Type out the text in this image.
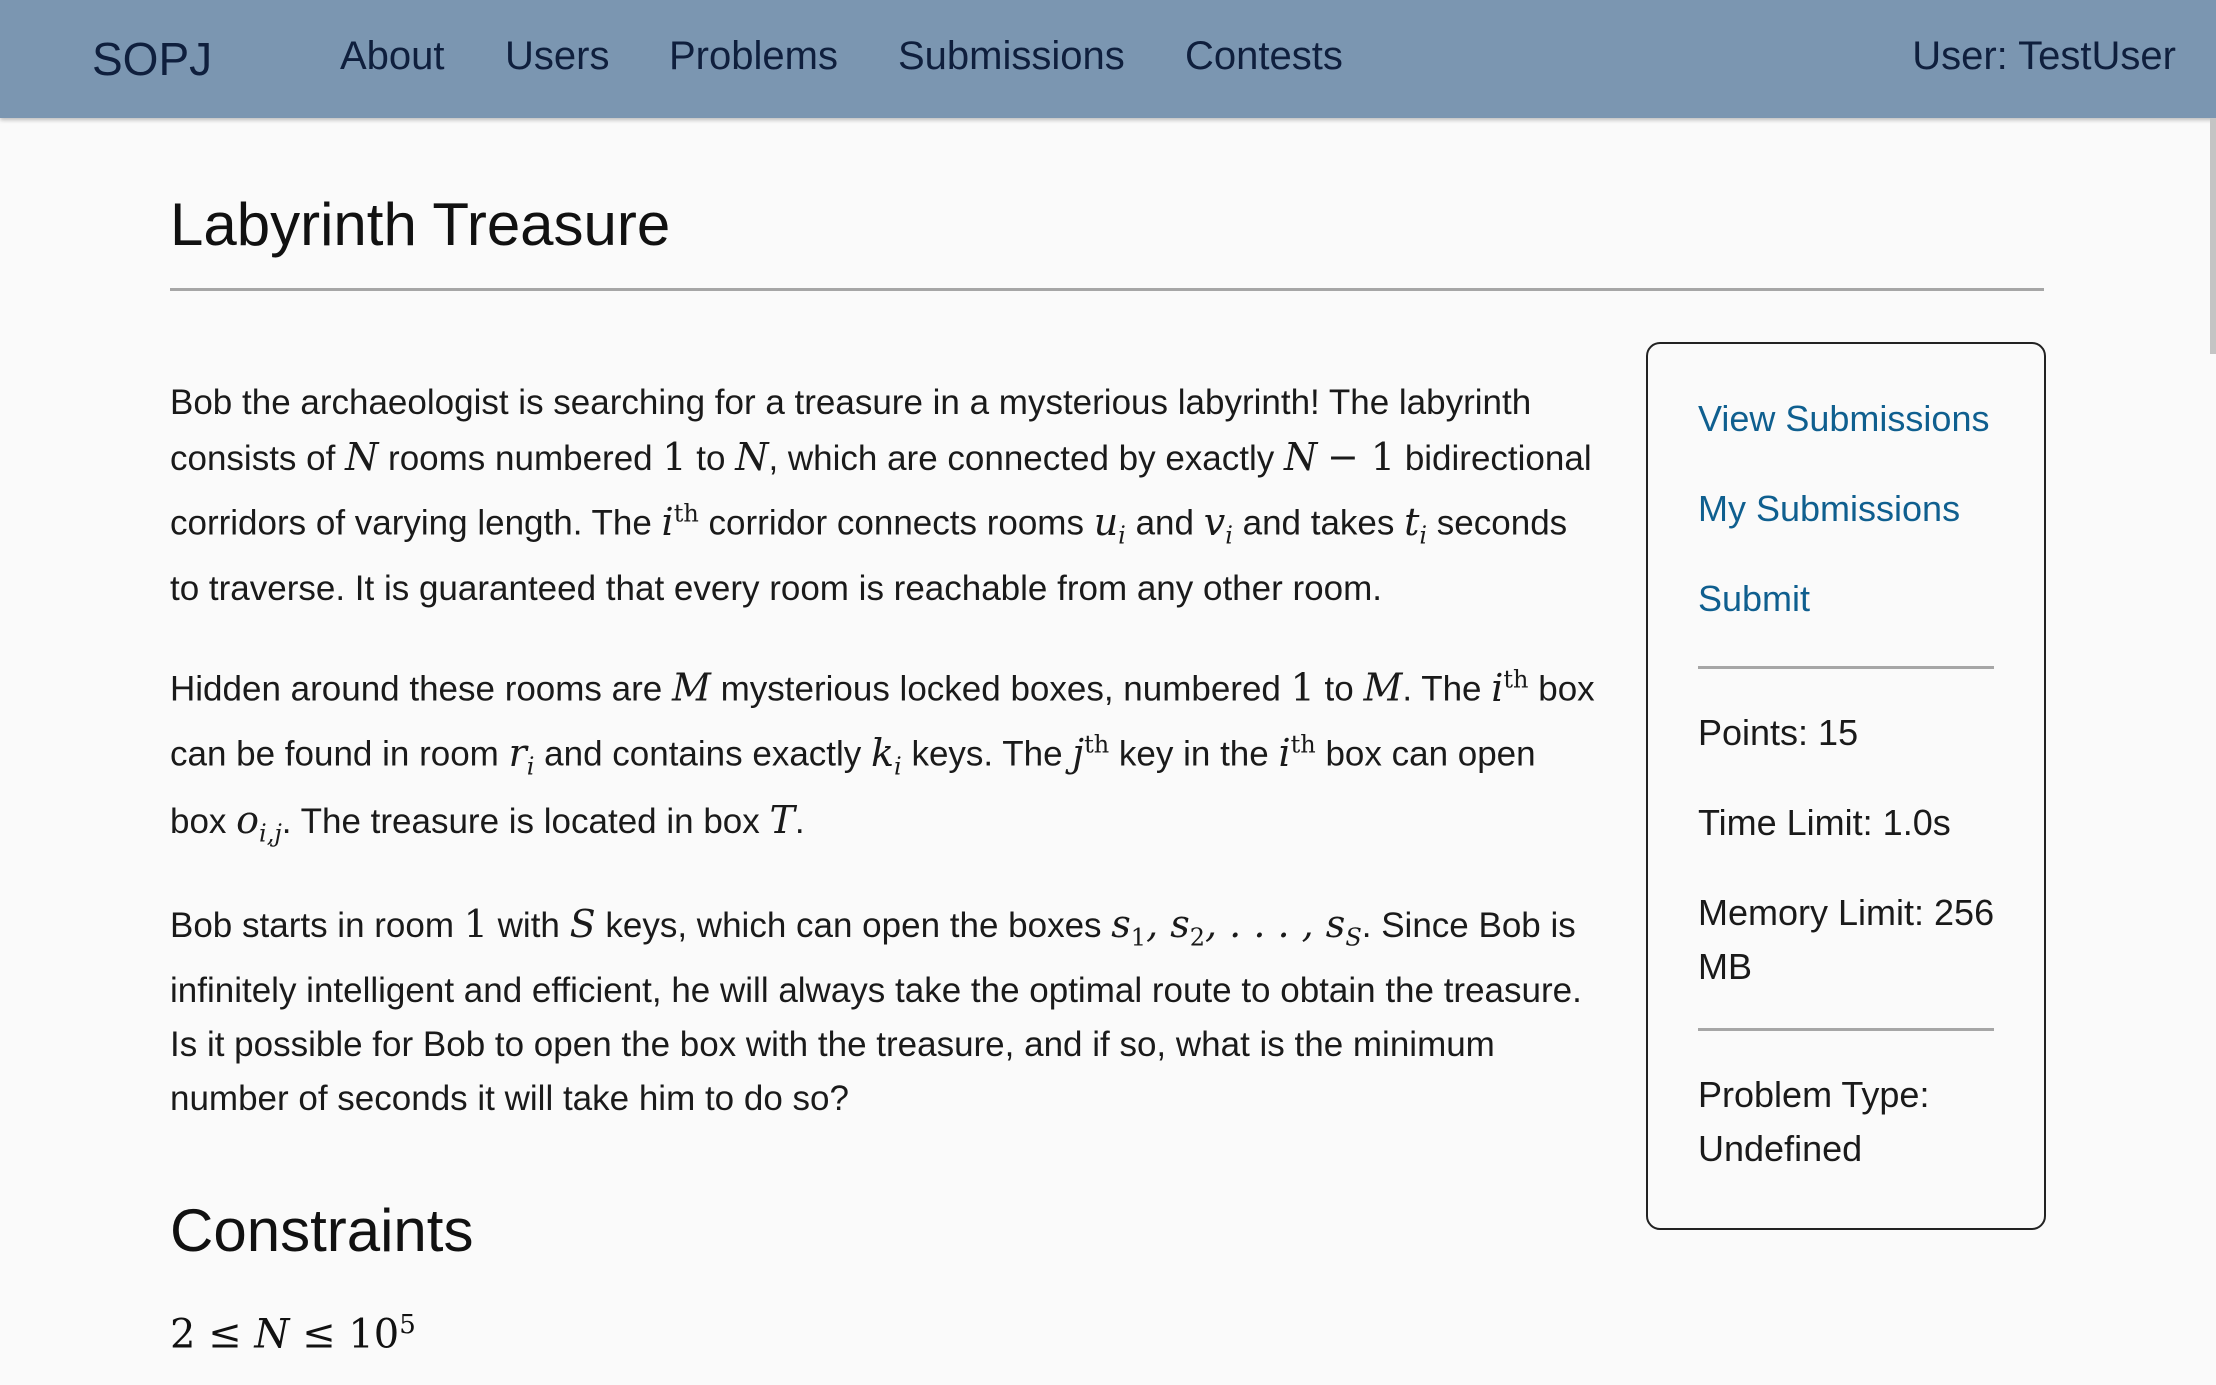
SOPJ	About Users Problems Submissions Contests	User: TestUser
Labyrinth Treasure

Bob the archaeologist is searching for a treasure in a mysterious labyrinth! The labyrinth consists of N rooms numbered 1 to N, which are connected by exactly N − 1 bidirectional corridors of varying length. The $i^{th}$ corridor connects rooms $u_i$ and $v_i$ and takes $t_i$ seconds to traverse. It is guaranteed that every room is reachable from any other room.

Hidden around these rooms are M mysterious locked boxes, numbered 1 to M. The $i^{th}$ box can be found in room $r_i$ and contains exactly $k_i$ keys. The $j^{th}$ key in the $i^{th}$ box can open box $o_{i,j}$. The treasure is located in box T.

Bob starts in room 1 with S keys, which can open the boxes $s_1$, $s_2$, . . . , $s_S$. Since Bob is infinitely intelligent and efficient, he will always take the optimal route to obtain the treasure. Is it possible for Bob to open the box with the treasure, and if so, what is the minimum number of seconds it will take him to do so?

Constraints
$2 \le N \le 10^5$
View Submissions
My Submissions
Submit
Points: 15
Time Limit: 1.0s
Memory Limit: 256 MB
Problem Type: Undefined
